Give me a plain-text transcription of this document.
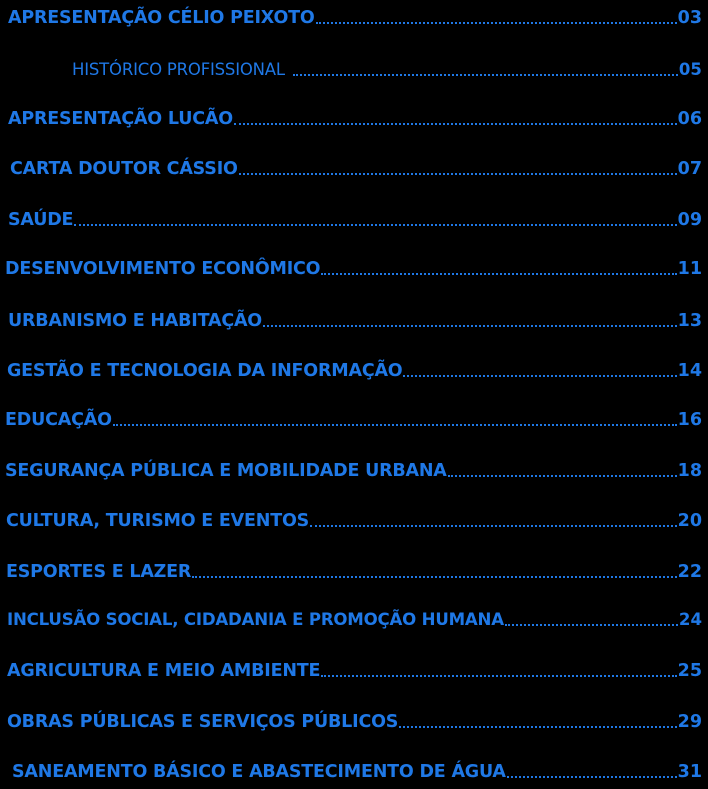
APRESENTAÇÃO CÉLIO PEIXOTO	03
HISTÓRICO PROFISSIONAL	05
APRESENTAÇÃO LUCÃO	06
CARTA DOUTOR CÁSSIO	07
SAÚDE	09
DESENVOLVIMENTO ECONÔMICO	11
URBANISMO E HABITAÇÃO	13
GESTÃO E TECNOLOGIA DA INFORMAÇÃO	14
EDUCAÇÃO	16
SEGURANÇA PÚBLICA E MOBILIDADE URBANA	18
CULTURA, TURISMO E EVENTOS	20
ESPORTES E LAZER	22
INCLUSÃO SOCIAL, CIDADANIA E PROMOÇÃO HUMANA	24
AGRICULTURA E MEIO AMBIENTE	25
OBRAS PÚBLICAS E SERVIÇOS PÚBLICOS	29
SANEAMENTO BÁSICO E ABASTECIMENTO DE ÁGUA	31
